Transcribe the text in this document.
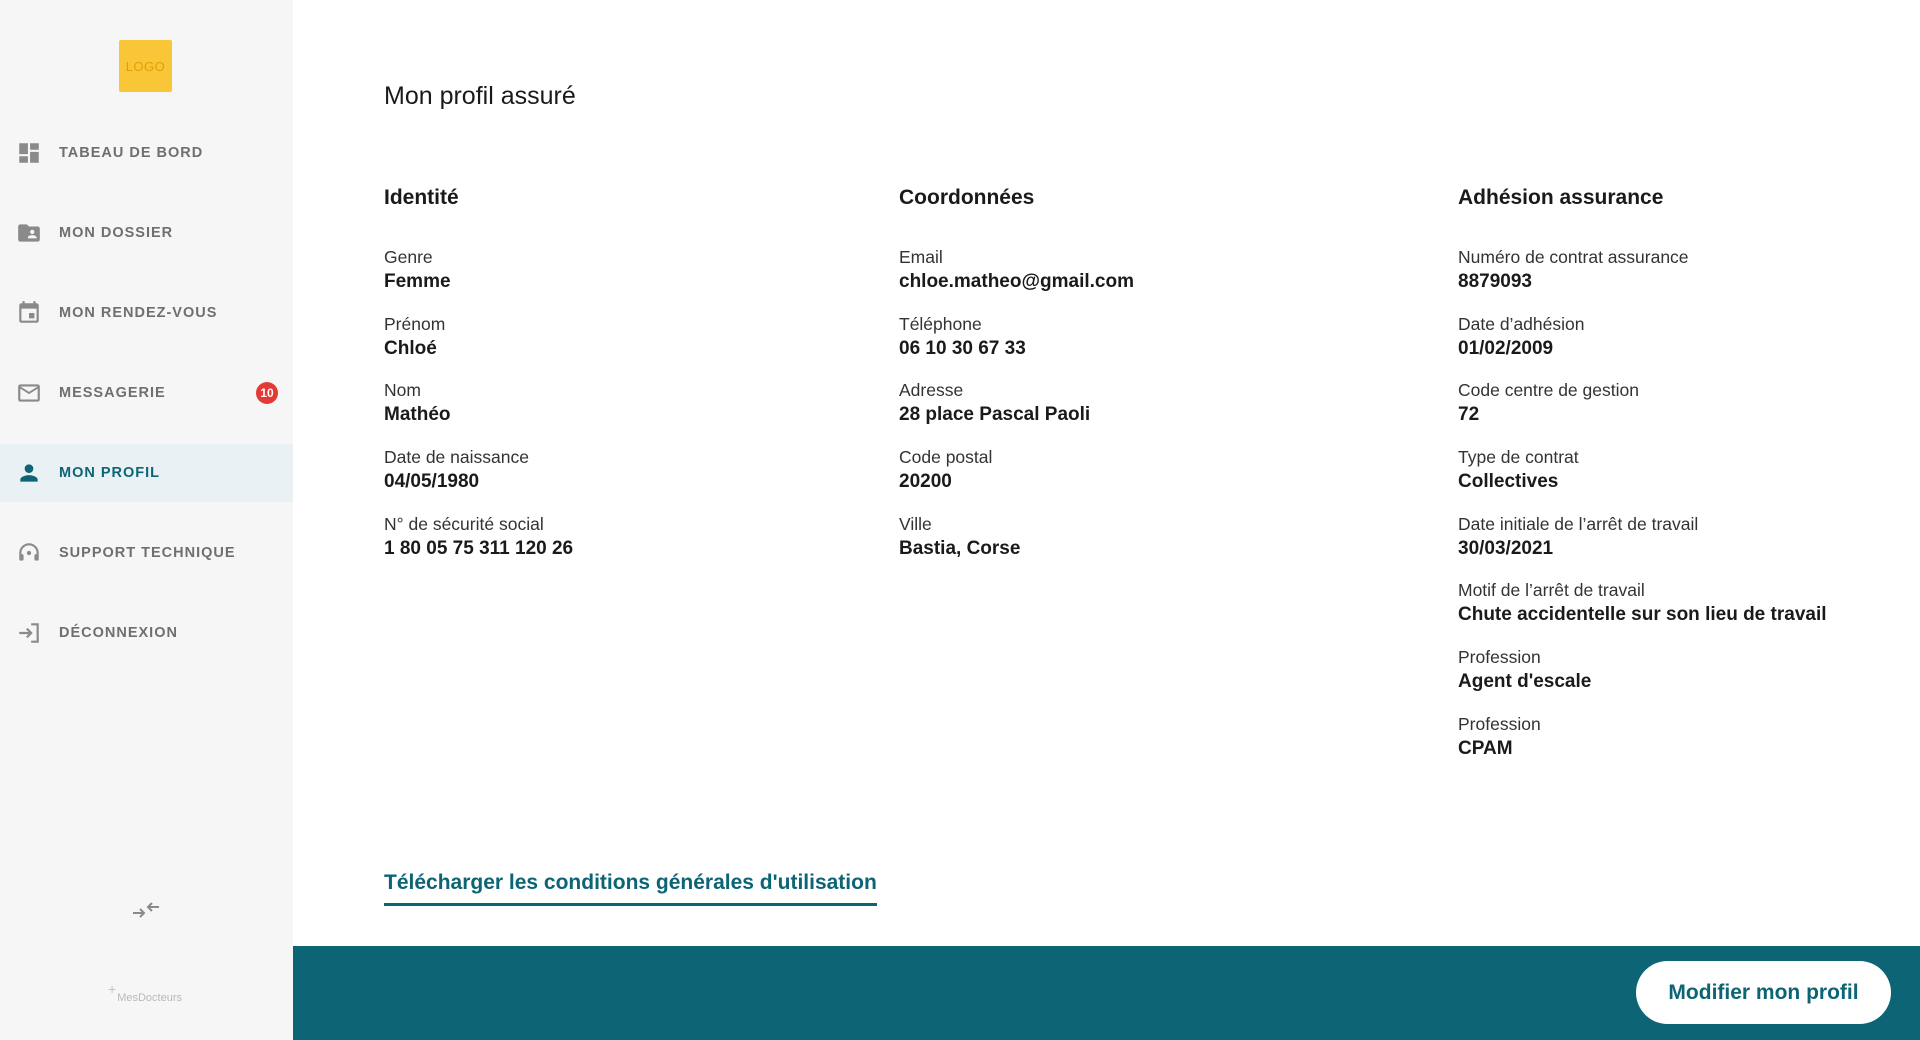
LOGO
TABEAU DE BORD
MON DOSSIER
MON RENDEZ-VOUS
MESSAGERIE	10
MON PROFIL
SUPPORT TECHNIQUE
DÉCONNEXION
+
MesDocteurs
Mon profil assuré
Identité
Genre
Femme
Prénom
Chloé
Nom
Mathéo
Date de naissance
04/05/1980
N° de sécurité social
1 80 05 75 311 120 26
Coordonnées
Email
chloe.matheo@gmail.com
Téléphone
06 10 30 67 33
Adresse
28 place Pascal Paoli
Code postal
20200
Ville
Bastia, Corse
Adhésion assurance
Numéro de contrat assurance
8879093
Date d’adhésion
01/02/2009
Code centre de gestion
72
Type de contrat
Collectives
Date initiale de l’arrêt de travail
30/03/2021
Motif de l’arrêt de travail
Chute accidentelle sur son lieu de travail
Profession
Agent d'escale
Profession
CPAM
Télécharger les conditions générales d'utilisation
Modifier mon profil
